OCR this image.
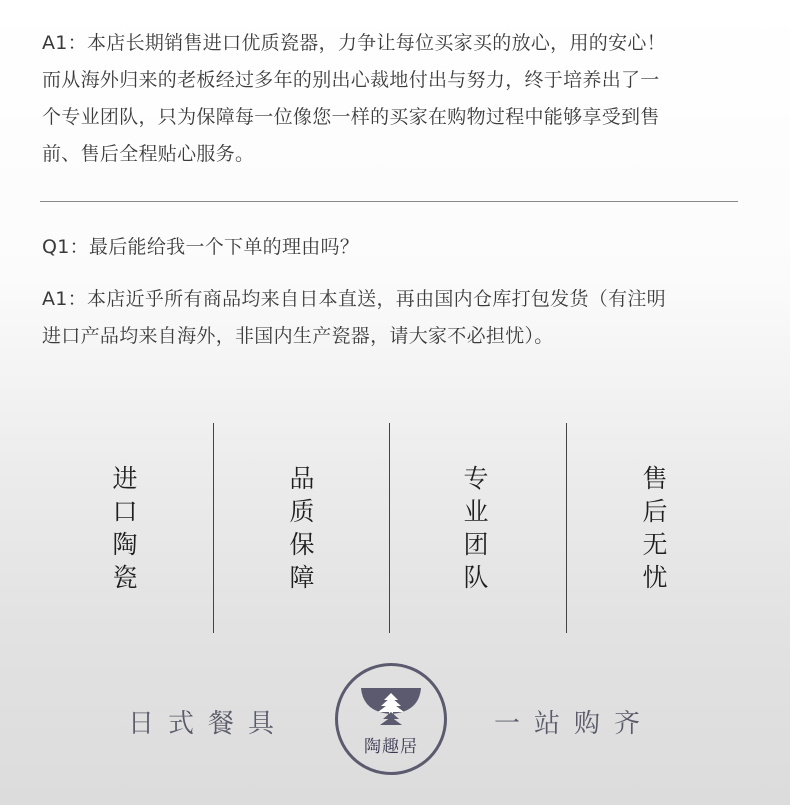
A1：本店长期销售进口优质瓷器，力争让每位买家买的放心，用的安心！
而从海外归来的老板经过多年的别出心裁地付出与努力，终于培养出了一
个专业团队，只为保障每一位像您一样的买家在购物过程中能够享受到售
前、售后全程贴心服务。
Q1：最后能给我一个下单的理由吗？
A1：本店近乎所有商品均来自日本直送，再由国内仓库打包发货（有注明
进口产品均来自海外，非国内生产瓷器，请大家不必担忧）。
进
口
陶
瓷
品
质
保
障
专
业
团
队
售
后
无
忧
日式餐具
陶趣居
一站购齐
